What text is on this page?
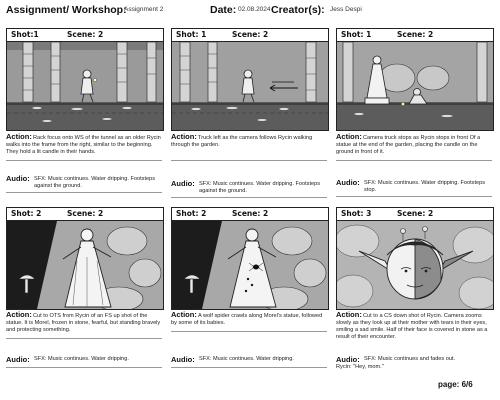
Assignment/ Workshop:
Assignment 2	Date: 02.08.2024 Creator(s): Jess Despi
Shot:1	Scene: 2
Action: Rack focus onto WS of the tunnel as an older Rycin walks into the frame from the right, similar to the beginning. They hold a lit candle in their hands.
Audio: SFX: Music continues. Water dripping. Footsteps against the ground.
Shot: 1	Scene: 2
Action: Truck left as the camera follows Rycin walking through the garden.
Audio: SFX: Music continues. Water dripping. Footsteps against the ground.
Shot: 1	Scene: 2
Action: Camera truck stops as Rycin stops in front Of a statue at the end of the garden, placing the candle on the ground in front of it.
Audio: SFX: Music continues. Water dripping. Footsteps stop.
Shot: 2	Scene: 2
Action: Cut to OTS from Rycin of an FS up shot of the statue. It is Morel, frozen in stone, fearful, but standing bravely and protecting something.
Audio: SFX: Music continues. Water dripping.
Shot: 2	Scene: 2
Action: A wolf spider crawls along Morel's statue, followed by some of its babies.
Audio: SFX: Music continues. Water dripping.
Shot: 3	Scene: 2
Action: Cut to a CS down shot of Rycin. Camera zooms slowly as they look up at their mother with tears in their eyes, smiling a sad smile. Half of their face is covered in stone as a result of their encounter.
Audio: SFX: Music continues and fades out.
Rycin: "Hey, mom."
page: 6/6
